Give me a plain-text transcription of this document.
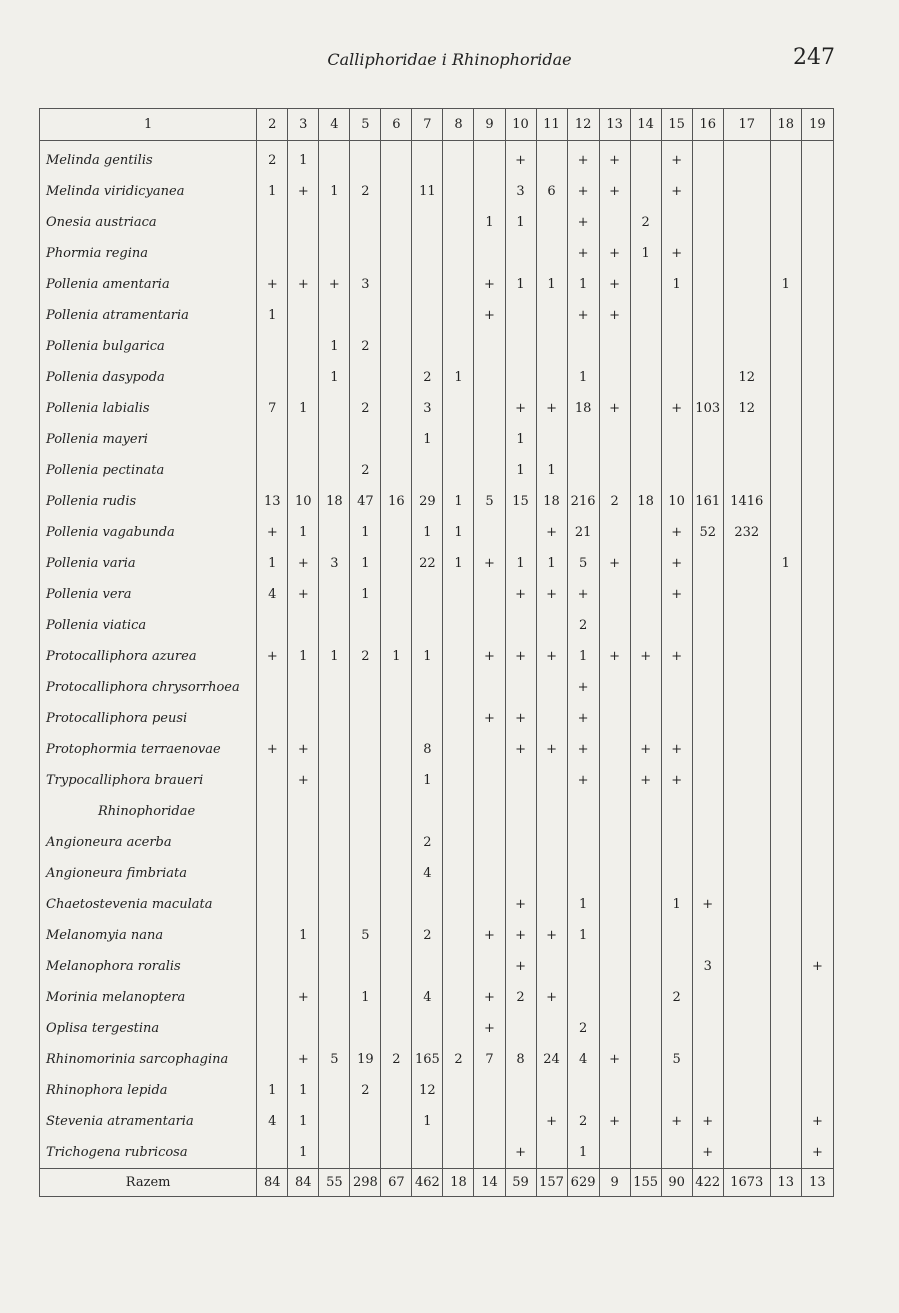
Calliphoridae i Rhinophoridae	247
1	2	3	4	5	6	7	8	9	10	11	12	13	14	15	16	17	18	19
Melinda gentilis	2	1							+		+	+		+				
Melinda viridicyanea	1	+	1	2		11			3	6	+	+		+				
Onesia austriaca								1	1		+		2					
Phormia regina											+	+	1	+				
Pollenia amentaria	+	+	+	3				+	1	1	1	+		1			1	
Pollenia atramentaria	1							+			+	+						
Pollenia bulgarica			1	2														
Pollenia dasypoda			1			2	1				1					12		
Pollenia labialis	7	1		2		3			+	+	18	+		+	103	12		
Pollenia mayeri						1			1									
Pollenia pectinata				2					1	1								
Pollenia rudis	13	10	18	47	16	29	1	5	15	18	216	2	18	10	161	1416		
Pollenia vagabunda	+	1		1		1	1			+	21			+	52	232		
Pollenia varia	1	+	3	1		22	1	+	1	1	5	+		+			1	
Pollenia vera	4	+		1					+	+	+			+				
Pollenia viatica											2							
Protocalliphora azurea	+	1	1	2	1	1		+	+	+	1	+	+	+				
Protocalliphora chrysorrhoea											+							
Protocalliphora peusi								+	+		+							
Protophormia terraenovae	+	+				8			+	+	+		+	+				
Trypocalliphora braueri		+				1					+		+	+				
Rhinophoridae																		
Angioneura acerba						2												
Angioneura fimbriata						4												
Chaetostevenia maculata									+		1			1	+			
Melanomyia nana		1		5		2		+	+	+	1							
Melanophora roralis									+						3			+
Morinia melanoptera		+		1		4		+	2	+				2				
Oplisa tergestina								+			2							
Rhinomorinia sarcophagina		+	5	19	2	165	2	7	8	24	4	+		5				
Rhinophora lepida	1	1		2		12												
Stevenia atramentaria	4	1				1				+	2	+		+	+			+
Trichogena rubricosa		1							+		1				+			+
Razem	84	84	55	298	67	462	18	14	59	157	629	9	155	90	422	1673	13	13
